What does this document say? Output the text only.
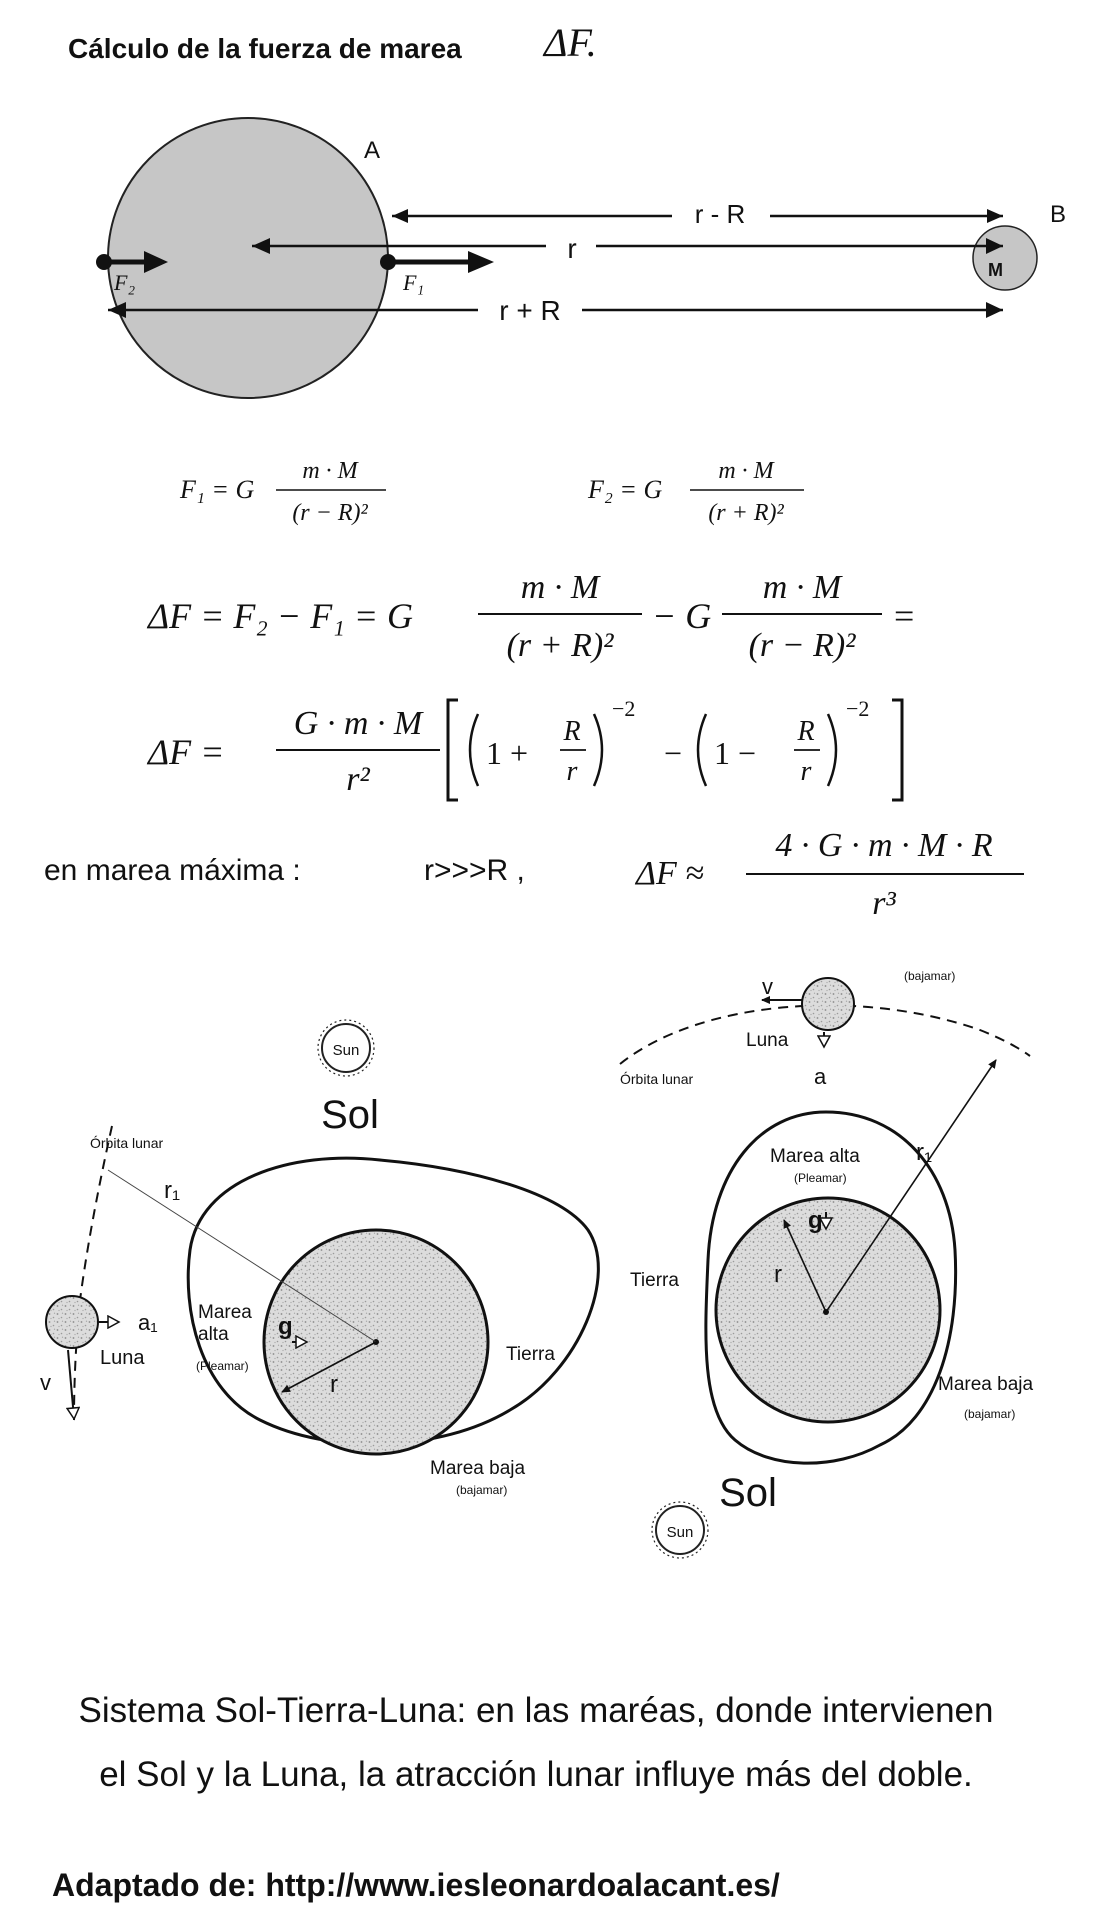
Cálculo de la fuerza de marea ΔF.
M
A
B
r - R
r
r + R
F₂	F₁
F₁ = G
m · M
(r − R)²
F₂ = G
m · M
(r + R)²
ΔF = F₂ − F₁ = G
m · M
(r + R)²
− G
m · M
(r − R)²
=
ΔF =
G · m · M
r²
1 +
R
r
−2
− 1 −
R
r
−2
en marea máxima :	r>>>R ,	ΔF ≈
4 · G · m · M · R
r³
Sun
Sol
Órbita lunar
r₁
a₁
Luna
v
Marea
alta
(Pleamar)
g
r
Tierra
Marea baja
(bajamar)
Órbita lunar
v	(bajamar)
Luna
a
r₁
Marea alta
(Pleamar)
g
r
Tierra
Marea baja
(bajamar)
Sol
Sun
Sistema Sol-Tierra-Luna: en las maréas, donde intervienen
el Sol y la Luna, la atracción lunar influye más del doble.
Adaptado de: http://www.iesleonardoalacant.es/
